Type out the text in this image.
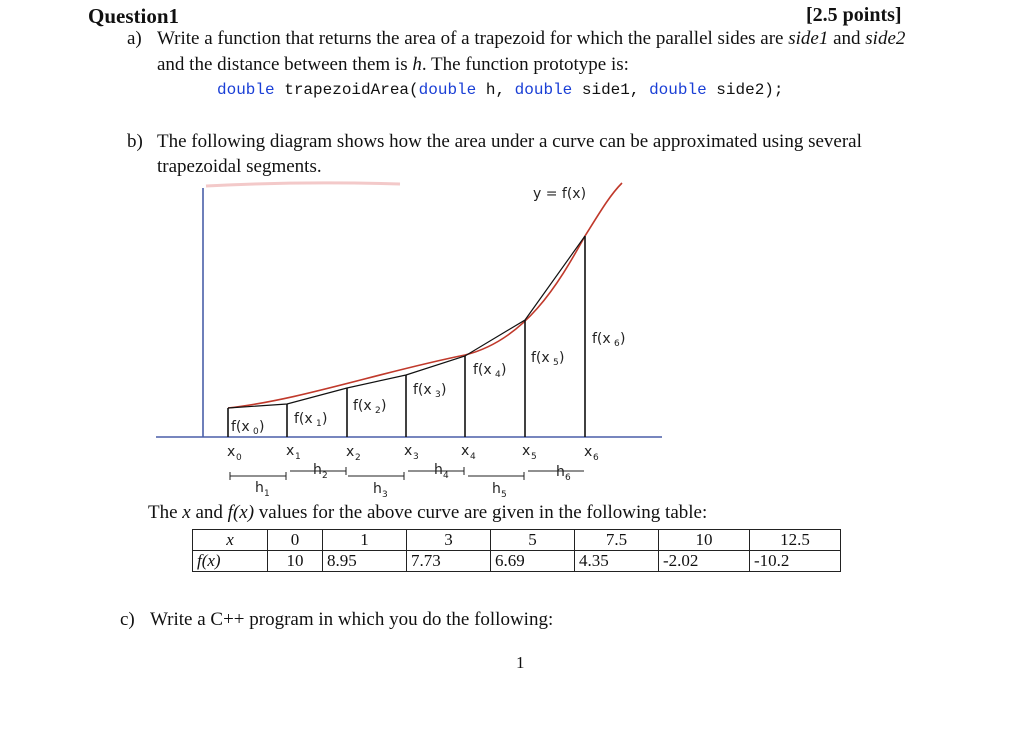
Question1	[2.5 points]
a) Write a function that returns the area of a trapezoid for which the parallel sides are side1 and side2
and the distance between them is h. The function prototype is:
double trapezoidArea(double h, double side1, double side2);
b) The following diagram shows how the area under a curve can be approximated using several
trapezoidal segments.
y = f(x)
f(x 0 ) f(x 1 )
f(x 2 )
f(x 3 )
f(x 4 )
f(x 5 )
f(x 6 )
x 0	x 1	x 2	x 3	x 4	x 5	x 6
h 1
h 2
h 3
h 4
h 5
h 6
The x and f(x) values for the above curve are given in the following table:
x	0	1	3	5	7.5	10	12.5
f(x)	10	8.95	7.73	6.69	4.35	-2.02	-10.2
c) Write a C++ program in which you do the following:
1
